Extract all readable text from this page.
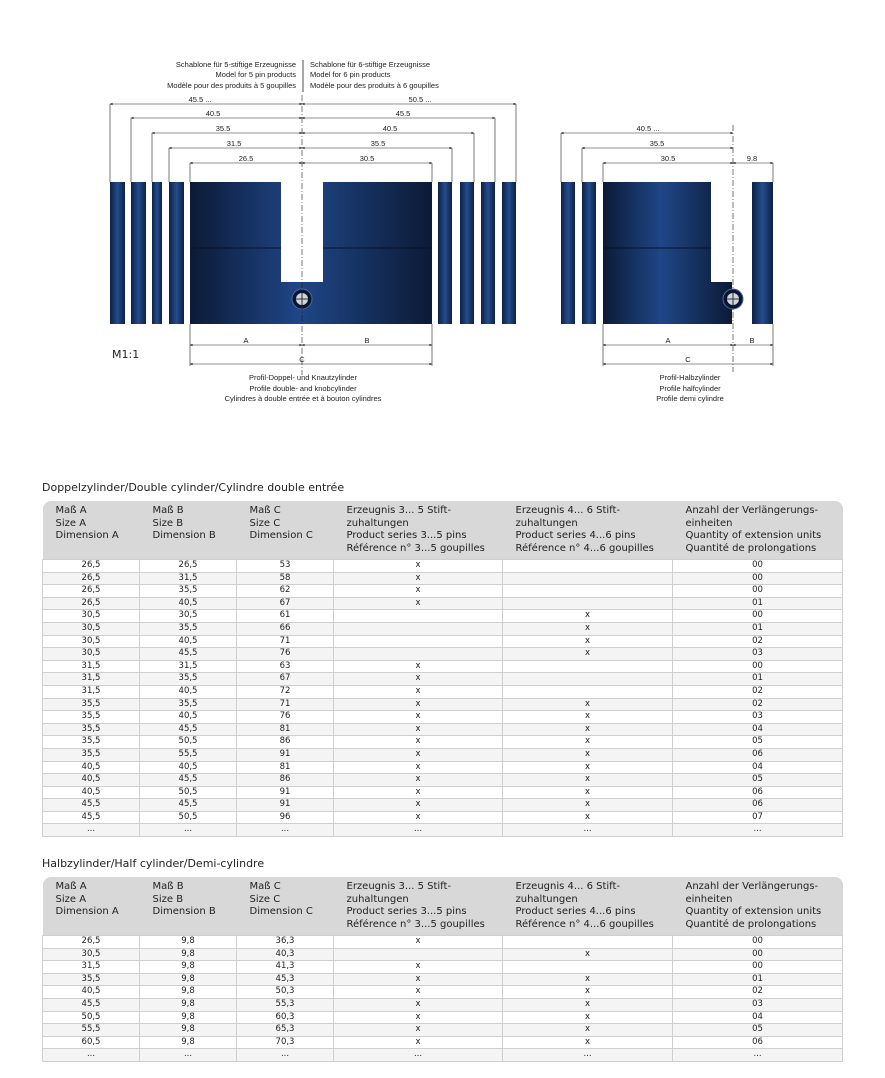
Schablone für 5-stiftige Erzeugnisse
Model for 5 pin products
Modèle pour des produits à 5 goupilles
Schablone für 6-stiftige Erzeugnisse
Model for 6 pin products
Modèle pour des produits à 6 goupilles
45.5 ...
40.5
35.5
31.5
26.5
50.5 ...
45.5
40.5
35.5
30.5
A	B
C
M1:1
Profil-Doppel- und Knautzylinder
Profile double- and knobcylinder
Cylindres à double entrée et à bouton cylindres
40.5 ...
35.5
30.5	9.8
A	B
C
Profil-Halbzylinder
Profile halfcylinder
Profile demi cylindre
Doppelzylinder/Double cylinder/Cylindre double entrée
Maß A
Size A
Dimension A	Maß B
Size B
Dimension B	Maß C
Size C
Dimension C	Erzeugnis 3... 5 Stift-
zuhaltungen
Product series 3...5 pins
Référence n° 3...5 goupilles	Erzeugnis 4... 6 Stift-
zuhaltungen
Product series 4...6 pins
Référence n° 4...6 goupilles	Anzahl der Verlängerungs-
einheiten
Quantity of extension units
Quantité de prolongations

26,5	26,5	53	x		00
26,5	31,5	58	x		00
26,5	35,5	62	x		00
26,5	40,5	67	x		01
30,5	30,5	61		x	00
30,5	35,5	66		x	01
30,5	40,5	71		x	02
30,5	45,5	76		x	03
31,5	31,5	63	x		00
31,5	35,5	67	x		01
31,5	40,5	72	x		02
35,5	35,5	71	x	x	02
35,5	40,5	76	x	x	03
35,5	45,5	81	x	x	04
35,5	50,5	86	x	x	05
35,5	55,5	91	x	x	06
40,5	40,5	81	x	x	04
40,5	45,5	86	x	x	05
40,5	50,5	91	x	x	06
45,5	45,5	91	x	x	06
45,5	50,5	96	x	x	07
...	...	...	...	...	...
Halbzylinder/Half cylinder/Demi-cylindre
Maß A
Size A
Dimension A	Maß B
Size B
Dimension B	Maß C
Size C
Dimension C	Erzeugnis 3... 5 Stift-
zuhaltungen
Product series 3...5 pins
Référence n° 3...5 goupilles	Erzeugnis 4... 6 Stift-
zuhaltungen
Product series 4...6 pins
Référence n° 4...6 goupilles	Anzahl der Verlängerungs-
einheiten
Quantity of extension units
Quantité de prolongations

26,5	9,8	36,3	x		00
30,5	9,8	40,3		x	00
31,5	9,8	41,3	x		00
35,5	9,8	45,3	x	x	01
40,5	9,8	50,3	x	x	02
45,5	9,8	55,3	x	x	03
50,5	9,8	60,3	x	x	04
55,5	9,8	65,3	x	x	05
60,5	9,8	70,3	x	x	06
...	...	...	...	...	...
